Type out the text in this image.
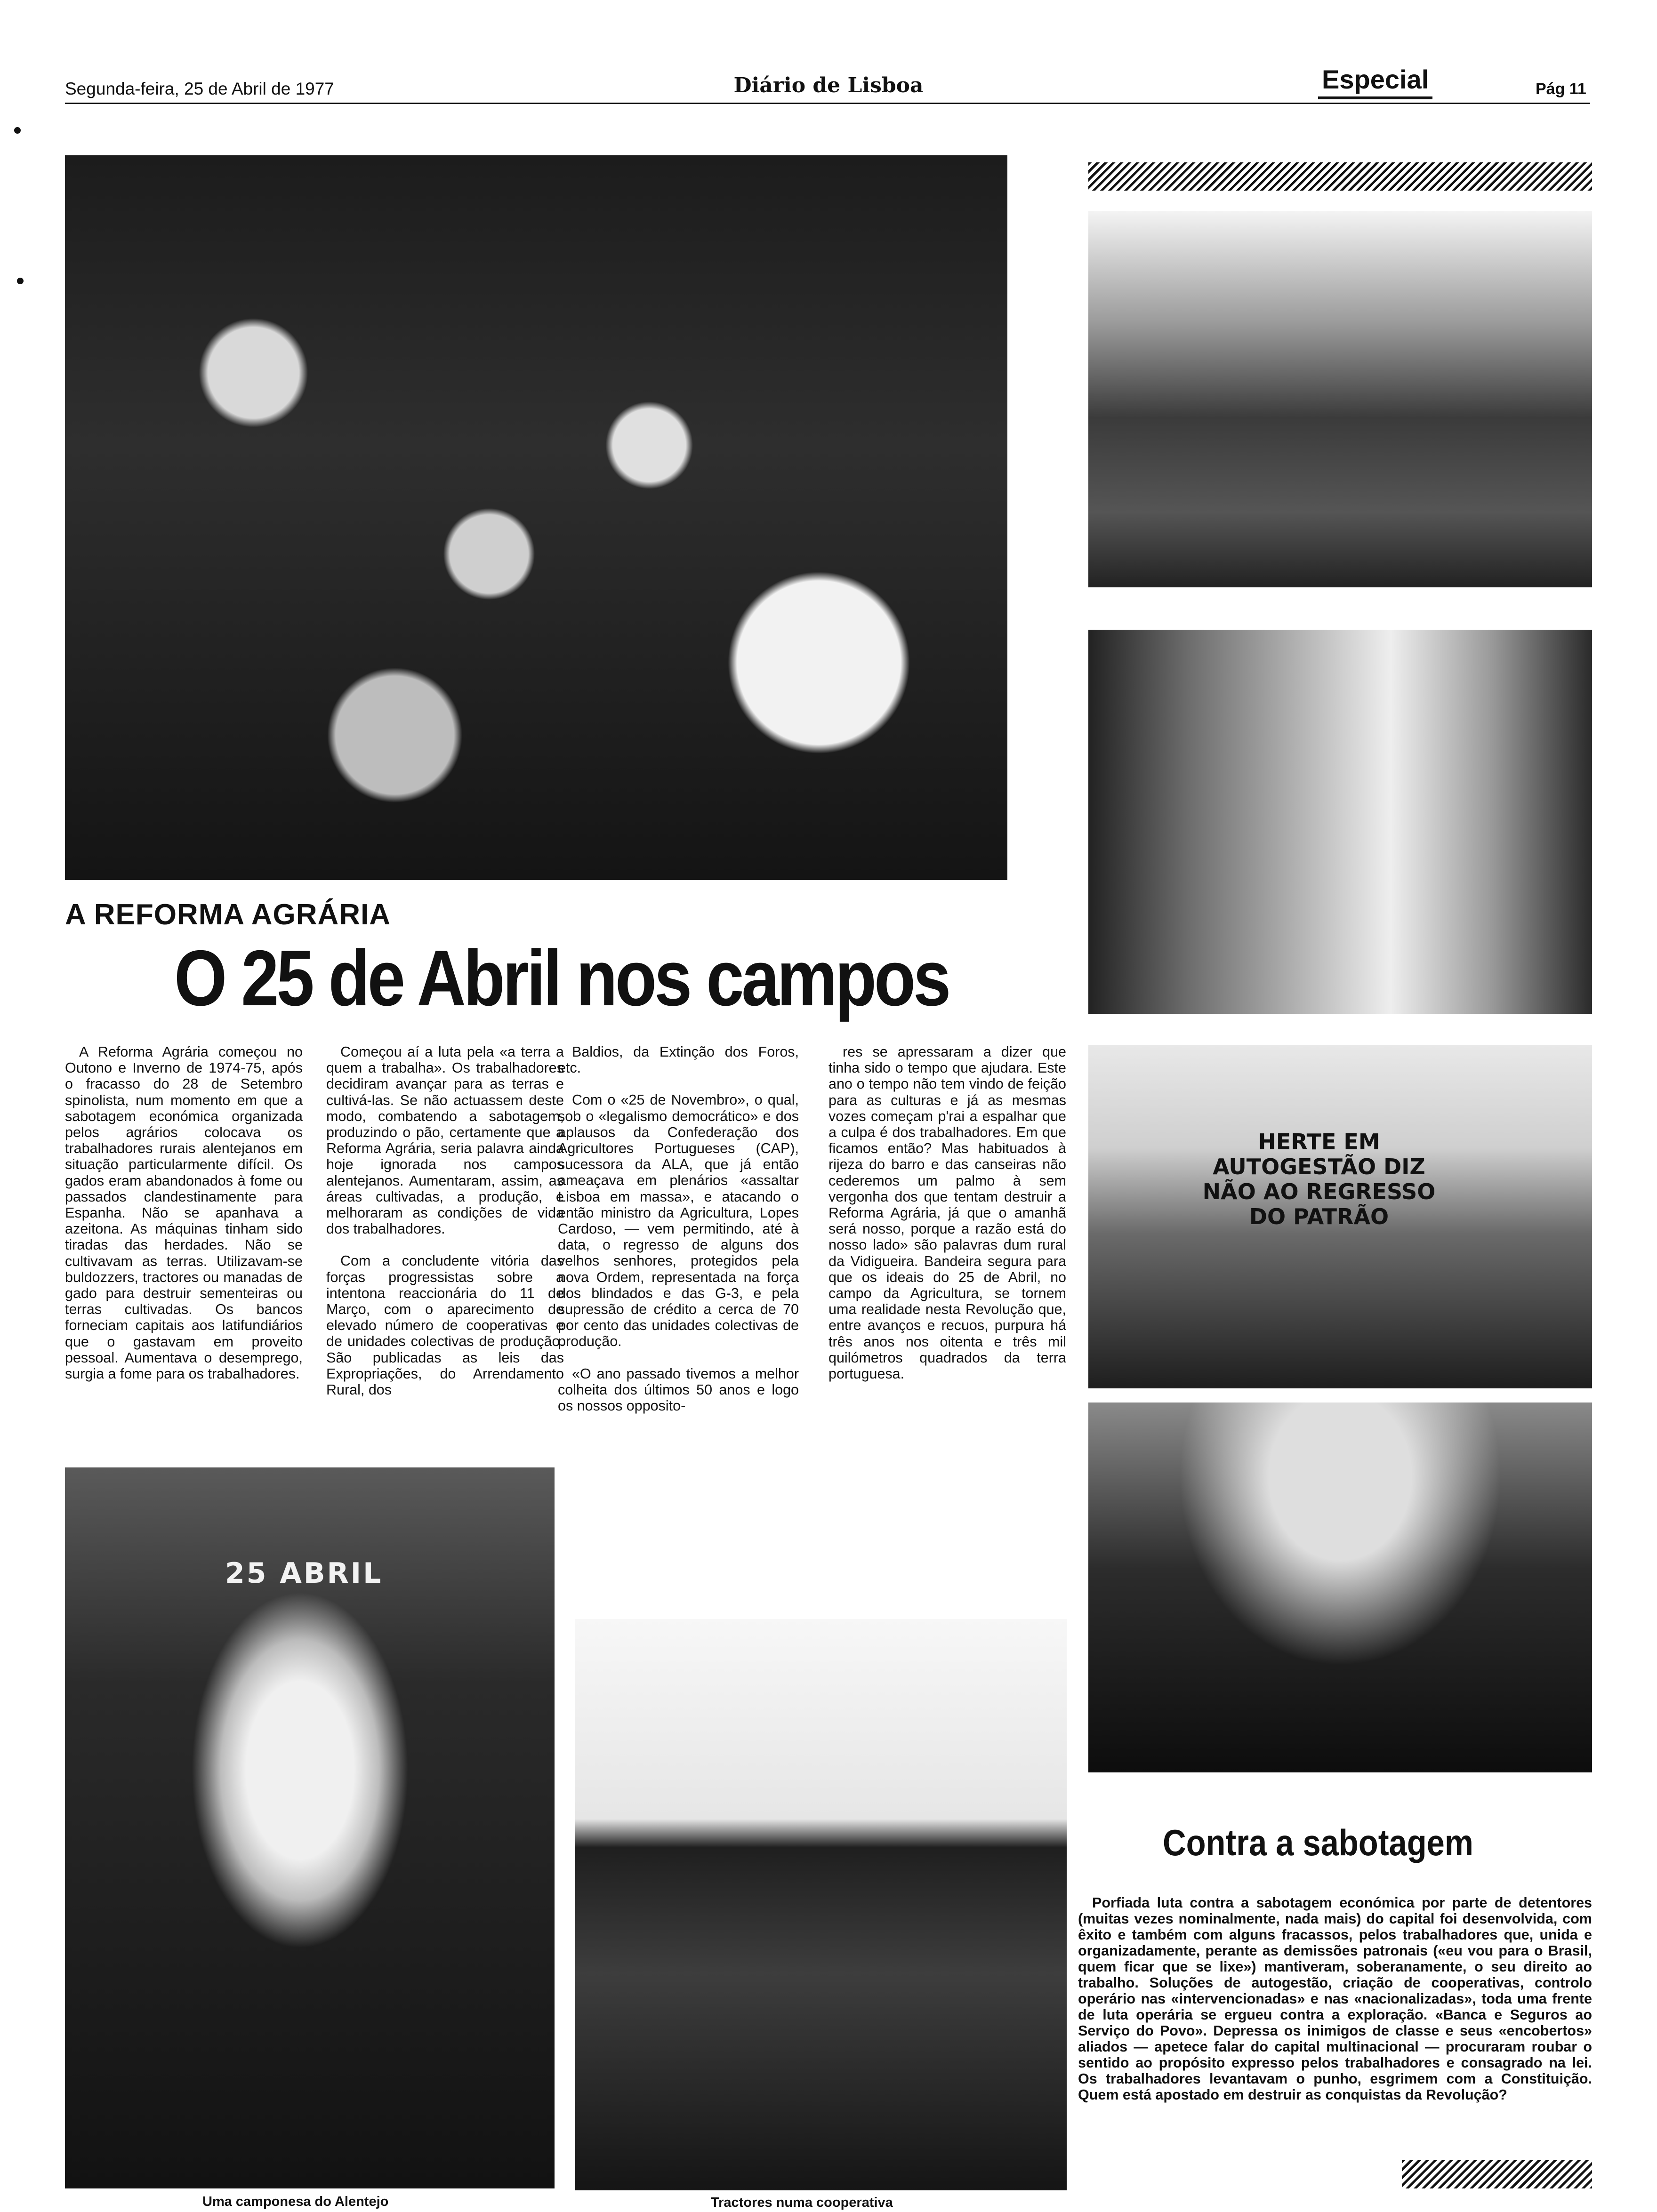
Segunda-feira, 25 de Abril de 1977	Diário de Lisboa	Especial	Pág 11
HERTE EM AUTOGESTÃO DIZ NÃO AO REGRESSO DO PATRÃO
25 ABRIL
A REFORMA AGRÁRIA
O 25 de Abril nos campos

A Reforma Agrária começou no Outono e Inverno de 1974-75, após o fracasso do 28 de Setembro spinolista, num momento em que a sabotagem económica organizada pelos agrários colocava os trabalhadores rurais alentejanos em situação particularmente difícil. Os gados eram abandonados à fome ou passados clandestinamente para Espanha. Não se apanhava a azeitona. As máquinas tinham sido tiradas das herdades. Não se cultivavam as terras. Utilizavam-se buldozzers, tractores ou manadas de gado para destruir sementeiras ou terras cultivadas. Os bancos forneciam capitais aos latifundiários que o gastavam em proveito pessoal. Aumentava o desemprego, surgia a fome para os trabalhadores.

Começou aí a luta pela «a terra a quem a trabalha». Os trabalhadores decidiram avançar para as terras e cultivá-las. Se não actuassem deste modo, combatendo a sabotagem, produzindo o pão, certamente que a Reforma Agrária, seria palavra ainda hoje ignorada nos campos alentejanos. Aumentaram, assim, as áreas cultivadas, a produção, e melhoraram as condições de vida dos trabalhadores.

Com a concludente vitória das forças progressistas sobre a intentona reaccionária do 11 de Março, com o aparecimento de elevado número de cooperativas e de unidades colectivas de produção. São publicadas as leis das Expropriações, do Arrendamento Rural, dos

Baldios, da Extinção dos Foros, etc.

Com o «25 de Novembro», o qual, sob o «legalismo democrático» e dos aplausos da Confederação dos Agricultores Portugueses (CAP), sucessora da ALA, que já então ameaçava em plenários «assaltar Lisboa em massa», e atacando o então ministro da Agricultura, Lopes Cardoso, — vem permitindo, até à data, o regresso de alguns dos velhos senhores, protegidos pela nova Ordem, representada na força dos blindados e das G-3, e pela supressão de crédito a cerca de 70 por cento das unidades colectivas de produção.

«O ano passado tivemos a melhor colheita dos últimos 50 anos e logo os nossos opposito-

res se apressaram a dizer que tinha sido o tempo que ajudara. Este ano o tempo não tem vindo de feição para as culturas e já as mesmas vozes começam p'rai a espalhar que a culpa é dos trabalhadores. Em que ficamos então? Mas habituados à rijeza do barro e das canseiras não cederemos um palmo à sem vergonha dos que tentam destruir a Reforma Agrária, já que o amanhã será nosso, porque a razão está do nosso lado» são palavras dum rural da Vidigueira. Bandeira segura para que os ideais do 25 de Abril, no campo da Agricultura, se tornem uma realidade nesta Revolução que, entre avanços e recuos, purpura há três anos nos oitenta e três mil quilómetros quadrados da terra portuguesa.

Contra a sabotagem

Porfiada luta contra a sabotagem económica por parte de detentores (muitas vezes nominalmente, nada mais) do capital foi desenvolvida, com êxito e também com alguns fracassos, pelos trabalhadores que, unida e organizadamente, perante as demissões patronais («eu vou para o Brasil, quem ficar que se lixe») mantiveram, soberanamente, o seu direito ao trabalho. Soluções de autogestão, criação de cooperativas, controlo operário nas «intervencionadas» e nas «nacionalizadas», toda uma frente de luta operária se ergueu contra a exploração. «Banca e Seguros ao Serviço do Povo». Depressa os inimigos de classe e seus «encobertos» aliados — apetece falar do capital multinacional — procuraram roubar o sentido ao propósito expresso pelos trabalhadores e consagrado na lei. Os trabalhadores levantavam o punho, esgrimem com a Constituição. Quem está apostado em destruir as conquistas da Revolução?

Uma camponesa do Alentejo	Tractores numa cooperativa
